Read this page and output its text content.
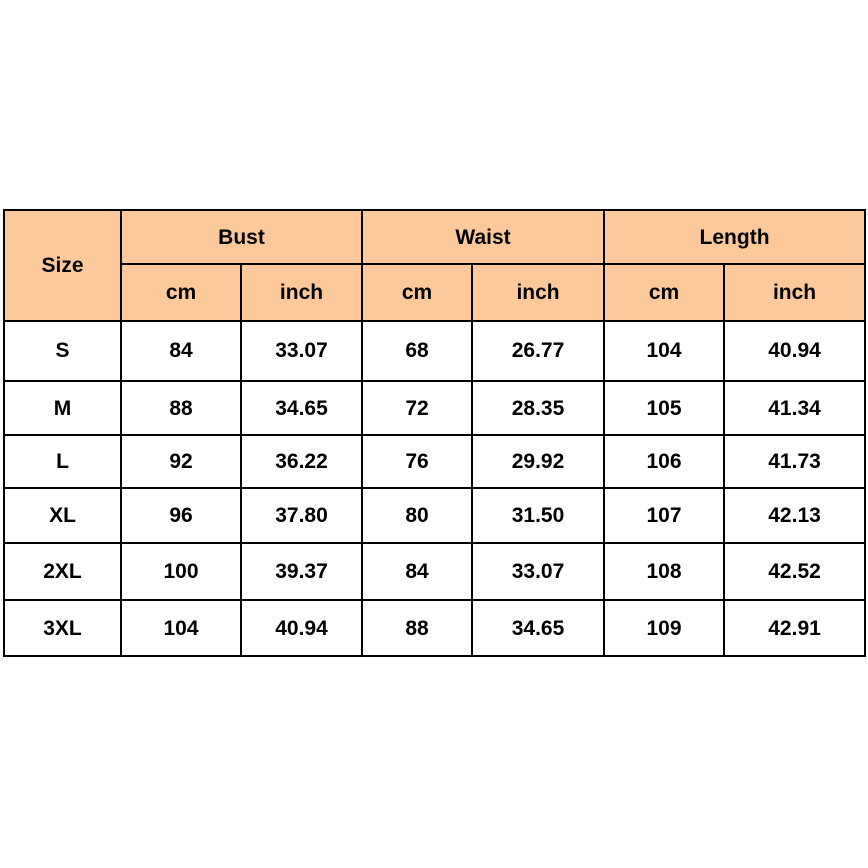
Size	Bust		Waist		Length	
	cm	inch	cm	inch	cm	inch
S	84	33.07	68	26.77	104	40.94
M	88	34.65	72	28.35	105	41.34
L	92	36.22	76	29.92	106	41.73
XL	96	37.80	80	31.50	107	42.13
2XL	100	39.37	84	33.07	108	42.52
3XL	104	40.94	88	34.65	109	42.91
